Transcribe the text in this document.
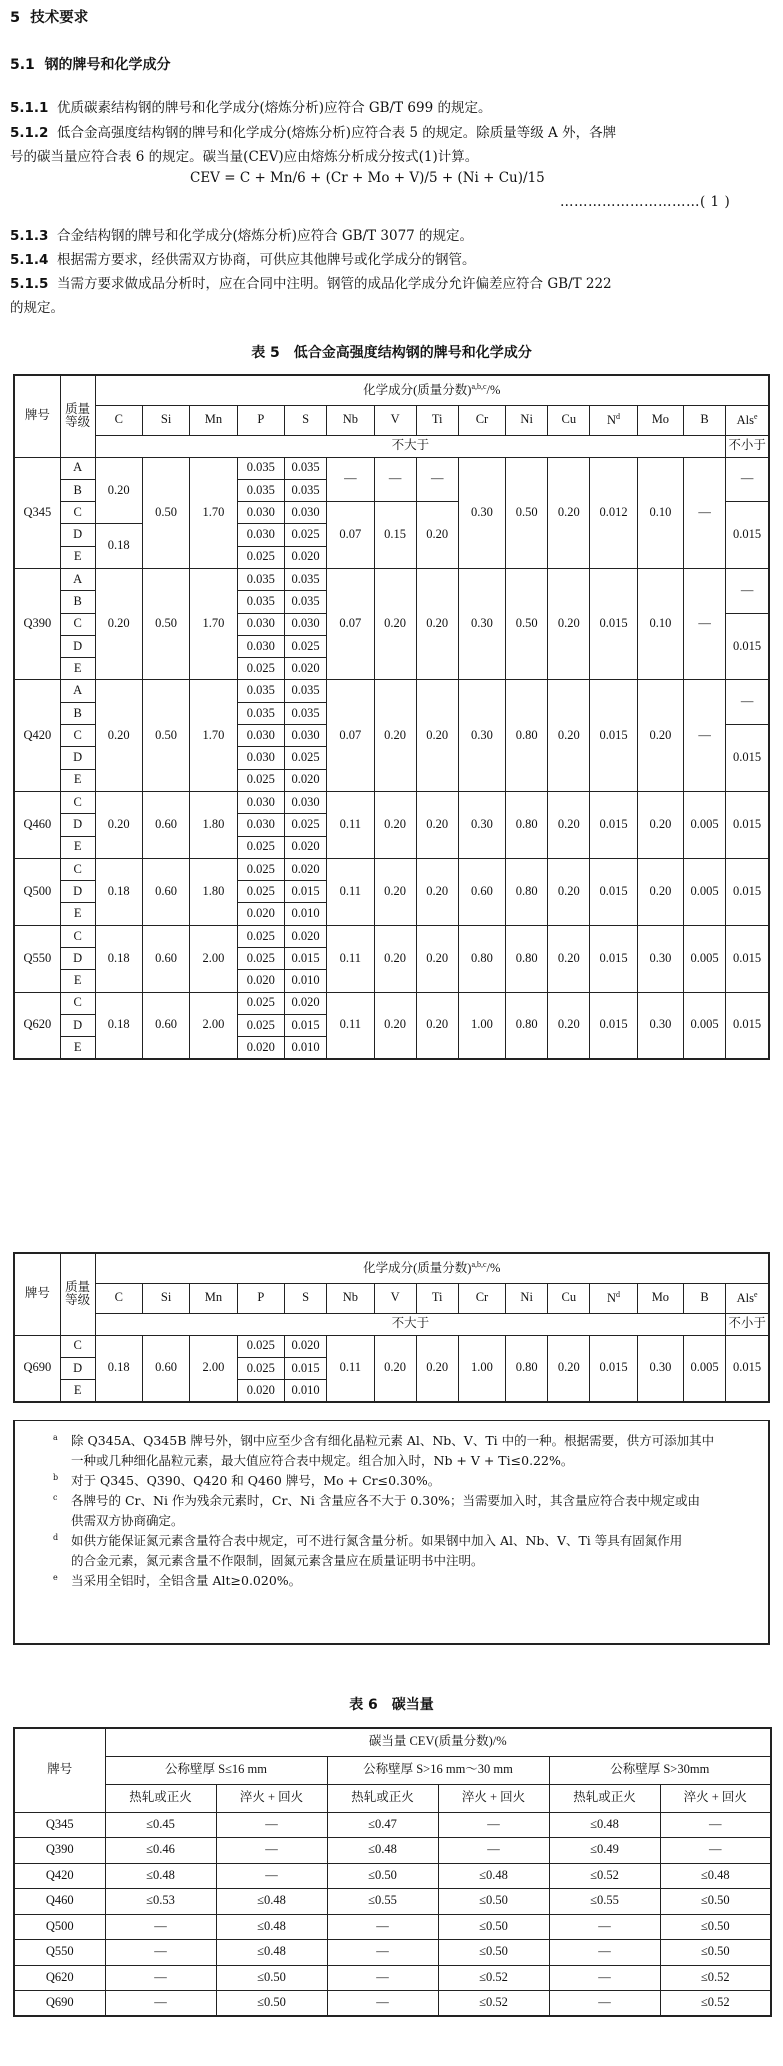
5 技术要求
5.1 钢的牌号和化学成分
5.1.1 优质碳素结构钢的牌号和化学成分(熔炼分析)应符合 GB/T 699 的规定。
5.1.2 低合金高强度结构钢的牌号和化学成分(熔炼分析)应符合表 5 的规定。除质量等级 A 外，各牌
号的碳当量应符合表 6 的规定。碳当量(CEV)应由熔炼分析成分按式(1)计算。
CEV = C + Mn/6 + (Cr + Mo + V)/5 + (Ni + Cu)/15
…………………………( 1 )
5.1.3 合金结构钢的牌号和化学成分(熔炼分析)应符合 GB/T 3077 的规定。
5.1.4 根据需方要求，经供需双方协商，可供应其他牌号或化学成分的钢管。
5.1.5 当需方要求做成品分析时，应在合同中注明。钢管的成品化学成分允许偏差应符合 GB/T 222
的规定。
表 5　低合金高强度结构钢的牌号和化学成分
牌号	质量等级	化学成分(质量分数)$^{a,b,c}$/%														
		C	Si	Mn	P	S	Nb	V	Ti	Cr	Ni	Cu	$N^d$	Mo	B	Als$^e$
		不大于														不小于
Q345	A	0.20	0.50	1.70	0.035	0.035	—	—	—	0.30	0.50	0.20	0.012	0.10	—	—
	B				0.035	0.035										
	C				0.030	0.030	0.07	0.15	0.20							0.015
	D	0.18			0.030	0.025										
	E				0.025	0.020										
Q390	A	0.20	0.50	1.70	0.035	0.035	0.07	0.20	0.20	0.30	0.50	0.20	0.015	0.10	—	—
	B				0.035	0.035										
	C				0.030	0.030										0.015
	D				0.030	0.025										
	E				0.025	0.020										
Q420	A	0.20	0.50	1.70	0.035	0.035	0.07	0.20	0.20	0.30	0.80	0.20	0.015	0.20	—	—
	B				0.035	0.035										
	C				0.030	0.030										0.015
	D				0.030	0.025										
	E				0.025	0.020										
Q460	C	0.20	0.60	1.80	0.030	0.030	0.11	0.20	0.20	0.30	0.80	0.20	0.015	0.20	0.005	0.015
	D				0.030	0.025										
	E				0.025	0.020										
Q500	C	0.18	0.60	1.80	0.025	0.020	0.11	0.20	0.20	0.60	0.80	0.20	0.015	0.20	0.005	0.015
	D				0.025	0.015										
	E				0.020	0.010										
Q550	C	0.18	0.60	2.00	0.025	0.020	0.11	0.20	0.20	0.80	0.80	0.20	0.015	0.30	0.005	0.015
	D				0.025	0.015										
	E				0.020	0.010										
Q620	C	0.18	0.60	2.00	0.025	0.020	0.11	0.20	0.20	1.00	0.80	0.20	0.015	0.30	0.005	0.015
	D				0.025	0.015										
	E				0.020	0.010										
牌号	质量等级	化学成分(质量分数)$^{a,b,c}$/%														
		C	Si	Mn	P	S	Nb	V	Ti	Cr	Ni	Cu	$N^d$	Mo	B	Als$^e$
		不大于														不小于
Q690	C	0.18	0.60	2.00	0.025	0.020	0.11	0.20	0.20	1.00	0.80	0.20	0.015	0.30	0.005	0.015
	D				0.025	0.015										
	E				0.020	0.010										
a 除 Q345A、Q345B 牌号外，钢中应至少含有细化晶粒元素 Al、Nb、V、Ti 中的一种。根据需要，供方可添加其中
一种或几种细化晶粒元素，最大值应符合表中规定。组合加入时，Nb + V + Ti≤0.22%。
b 对于 Q345、Q390、Q420 和 Q460 牌号，Mo + Cr≤0.30%。
c 各牌号的 Cr、Ni 作为残余元素时，Cr、Ni 含量应各不大于 0.30%；当需要加入时，其含量应符合表中规定或由
供需双方协商确定。
d 如供方能保证氮元素含量符合表中规定，可不进行氮含量分析。如果钢中加入 Al、Nb、V、Ti 等具有固氮作用
的合金元素，氮元素含量不作限制，固氮元素含量应在质量证明书中注明。
e 当采用全铝时，全铝含量 Alt≥0.020%。
表 6　碳当量
牌号	碳当量 CEV(质量分数)/%					
	公称壁厚 S≤16 mm		公称壁厚 S>16 mm～30 mm		公称壁厚 S>30mm	
	热轧或正火	淬火 + 回火	热轧或正火	淬火 + 回火	热轧或正火	淬火 + 回火
Q345	≤0.45	—	≤0.47	—	≤0.48	—
Q390	≤0.46	—	≤0.48	—	≤0.49	—
Q420	≤0.48	—	≤0.50	≤0.48	≤0.52	≤0.48
Q460	≤0.53	≤0.48	≤0.55	≤0.50	≤0.55	≤0.50
Q500	—	≤0.48	—	≤0.50	—	≤0.50
Q550	—	≤0.48	—	≤0.50	—	≤0.50
Q620	—	≤0.50	—	≤0.52	—	≤0.52
Q690	—	≤0.50	—	≤0.52	—	≤0.52
